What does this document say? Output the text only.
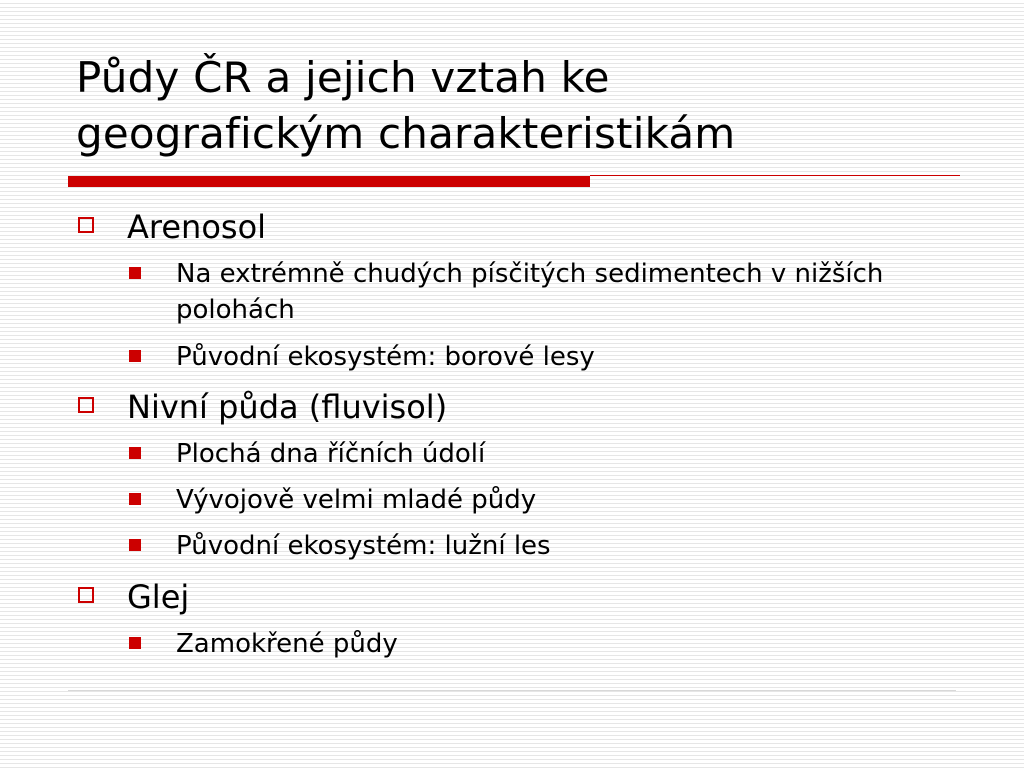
Půdy ČR a jejich vztah ke
geografickým charakteristikám
Arenosol
Na extrémně chudých písčitých sedimentech v nižších polohách
Původní ekosystém: borové lesy
Nivní půda (fluvisol)
Plochá dna říčních údolí
Vývojově velmi mladé půdy
Původní ekosystém: lužní les
Glej
Zamokřené půdy
